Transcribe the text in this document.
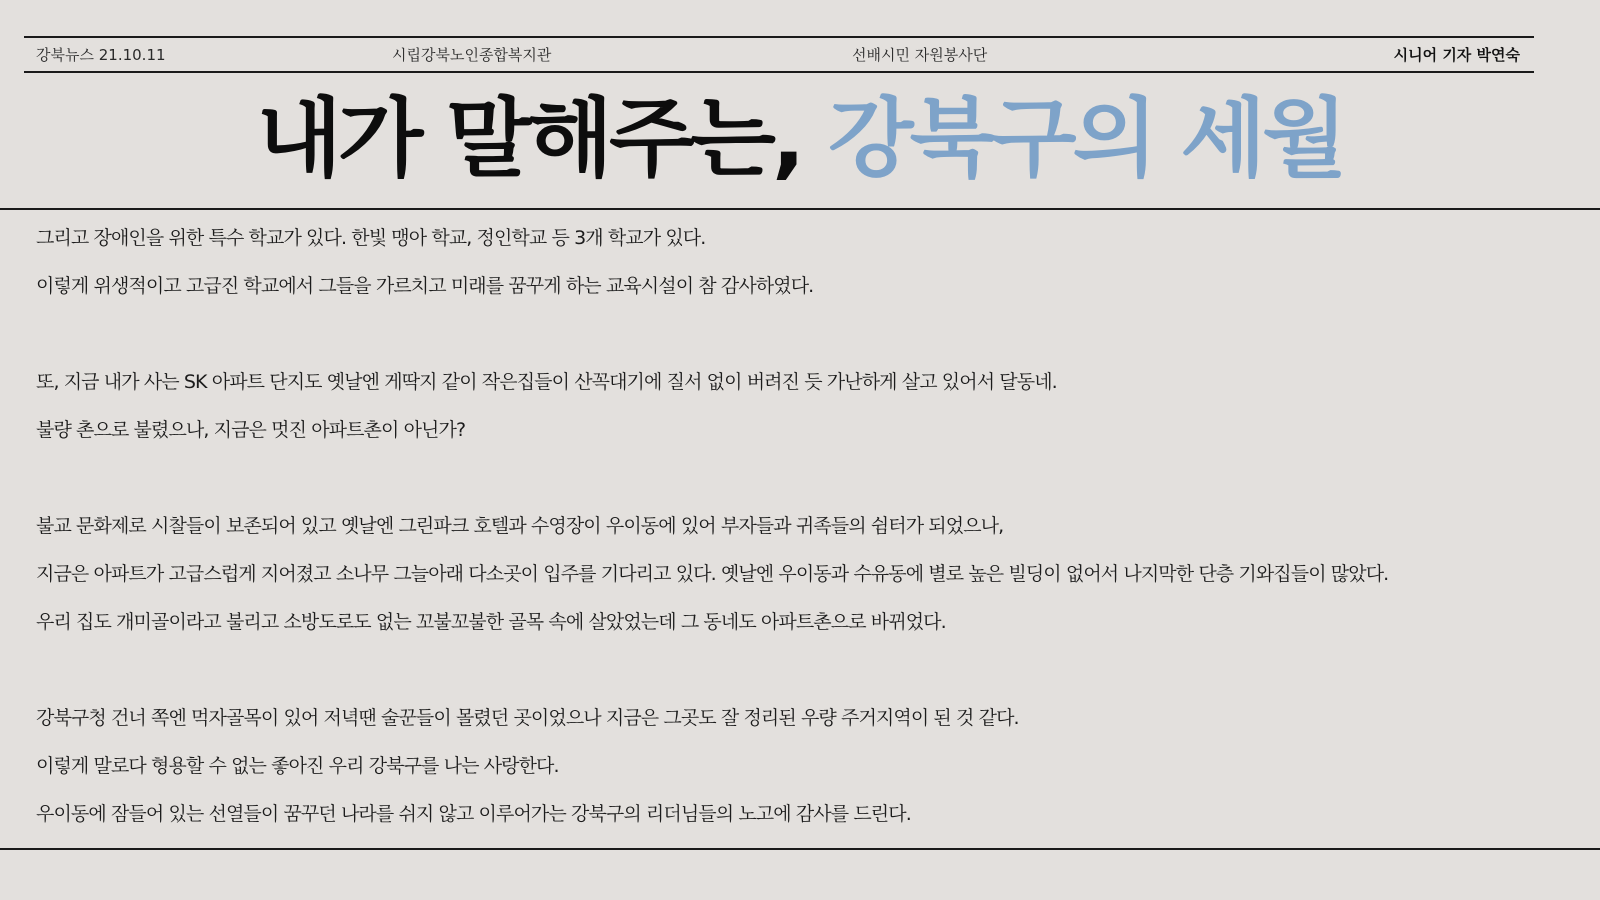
강북뉴스 21.10.11	시립강북노인종합복지관	선배시민 자원봉사단	시니어 기자 박연숙
내가 말해주는, 강북구의 세월
그리고 장애인을 위한 특수 학교가 있다. 한빛 맹아 학교, 정인학교 등 3개 학교가 있다.
이렇게 위생적이고 고급진 학교에서 그들을 가르치고 미래를 꿈꾸게 하는 교육시설이 참 감사하였다.
또, 지금 내가 사는 SK 아파트 단지도 옛날엔 게딱지 같이 작은집들이 산꼭대기에 질서 없이 버려진 듯 가난하게 살고 있어서 달동네.
불량 촌으로 불렸으나, 지금은 멋진 아파트촌이 아닌가?
불교 문화제로 시찰들이 보존되어 있고 옛날엔 그린파크 호텔과 수영장이 우이동에 있어 부자들과 귀족들의 쉼터가 되었으나,
지금은 아파트가 고급스럽게 지어졌고 소나무 그늘아래 다소곳이 입주를 기다리고 있다. 옛날엔 우이동과 수유동에 별로 높은 빌딩이 없어서 나지막한 단층 기와집들이 많았다.
우리 집도 개미골이라고 불리고 소방도로도 없는 꼬불꼬불한 골목 속에 살았었는데 그 동네도 아파트촌으로 바뀌었다.
강북구청 건너 쪽엔 먹자골목이 있어 저녁땐 술꾼들이 몰렸던 곳이었으나 지금은 그곳도 잘 정리된 우량 주거지역이 된 것 같다.
이렇게 말로다 형용할 수 없는 좋아진 우리 강북구를 나는 사랑한다.
우이동에 잠들어 있는 선열들이 꿈꾸던 나라를 쉬지 않고 이루어가는 강북구의 리더님들의 노고에 감사를 드린다.
